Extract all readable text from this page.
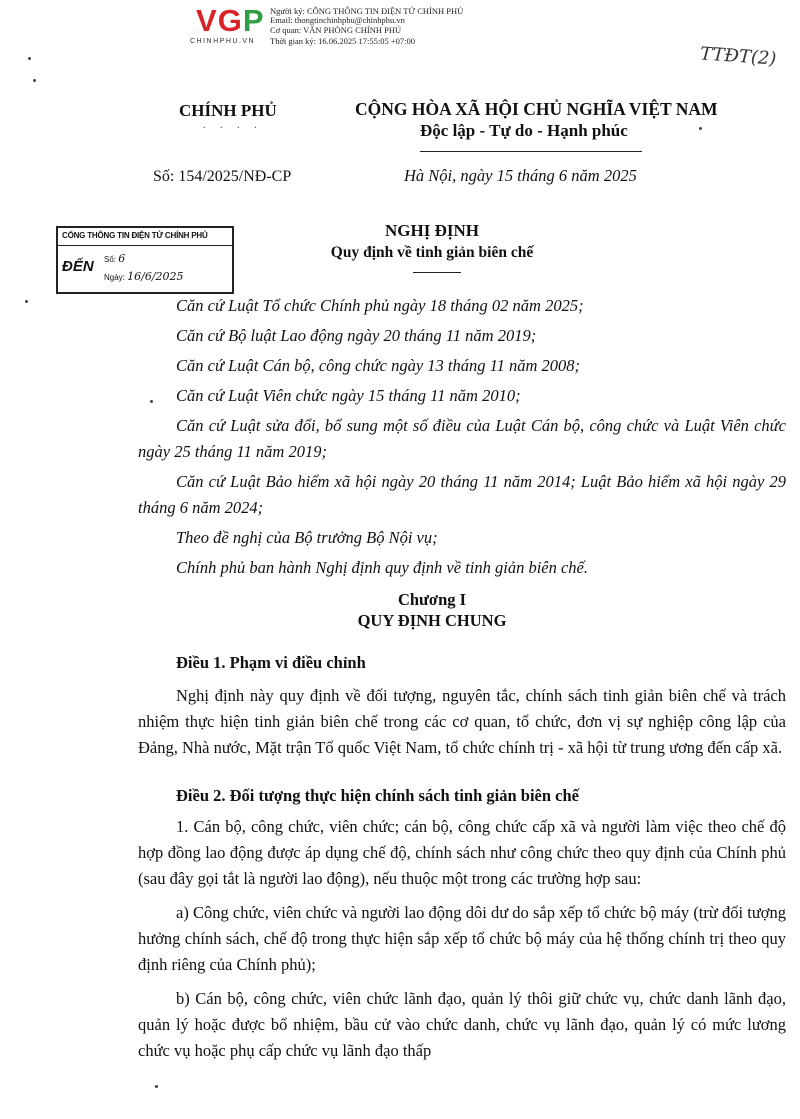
VGP
CHINHPHU.VN
Người ký: CÔNG THÔNG TIN ĐIỆN TỬ CHÍNH PHỦ
Email: thongtinchinhphu@chinhphu.vn
Cơ quan: VĂN PHÒNG CHÍNH PHỦ
Thời gian ký: 16.06.2025 17:55:05 +07:00
TTĐT(2)
CHÍNH PHỦ
. . . .
CỘNG HÒA XÃ HỘI CHỦ NGHĨA VIỆT NAM
Độc lập - Tự do - Hạnh phúc
Số: 154/2025/NĐ-CP	Hà Nội, ngày 15 tháng 6 năm 2025
CỔNG THÔNG TIN ĐIỆN TỬ CHÍNH PHỦ
ĐẾN Số: 6
Ngày: 16/6/2025
NGHỊ ĐỊNH
Quy định về tinh giản biên chế

Căn cứ Luật Tổ chức Chính phủ ngày 18 tháng 02 năm 2025;

Căn cứ Bộ luật Lao động ngày 20 tháng 11 năm 2019;

Căn cứ Luật Cán bộ, công chức ngày 13 tháng 11 năm 2008;

Căn cứ Luật Viên chức ngày 15 tháng 11 năm 2010;

Căn cứ Luật sửa đổi, bổ sung một số điều của Luật Cán bộ, công chức và Luật Viên chức ngày 25 tháng 11 năm 2019;

Căn cứ Luật Bảo hiểm xã hội ngày 20 tháng 11 năm 2014; Luật Bảo hiểm xã hội ngày 29 tháng 6 năm 2024;

Theo đề nghị của Bộ trưởng Bộ Nội vụ;

Chính phủ ban hành Nghị định quy định về tinh giản biên chế.

Chương I
QUY ĐỊNH CHUNG
Điều 1. Phạm vi điều chỉnh

Nghị định này quy định về đối tượng, nguyên tắc, chính sách tinh giản biên chế và trách nhiệm thực hiện tinh giản biên chế trong các cơ quan, tổ chức, đơn vị sự nghiệp công lập của Đảng, Nhà nước, Mặt trận Tổ quốc Việt Nam, tổ chức chính trị - xã hội từ trung ương đến cấp xã.

Điều 2. Đối tượng thực hiện chính sách tinh giản biên chế

1. Cán bộ, công chức, viên chức; cán bộ, công chức cấp xã và người làm việc theo chế độ hợp đồng lao động được áp dụng chế độ, chính sách như công chức theo quy định của Chính phủ (sau đây gọi tắt là người lao động), nếu thuộc một trong các trường hợp sau:

a) Công chức, viên chức và người lao động dôi dư do sắp xếp tổ chức bộ máy (trừ đối tượng hưởng chính sách, chế độ trong thực hiện sắp xếp tổ chức bộ máy của hệ thống chính trị theo quy định riêng của Chính phủ);

b) Cán bộ, công chức, viên chức lãnh đạo, quản lý thôi giữ chức vụ, chức danh lãnh đạo, quản lý hoặc được bổ nhiệm, bầu cử vào chức danh, chức vụ lãnh đạo, quản lý có mức lương chức vụ hoặc phụ cấp chức vụ lãnh đạo thấp
